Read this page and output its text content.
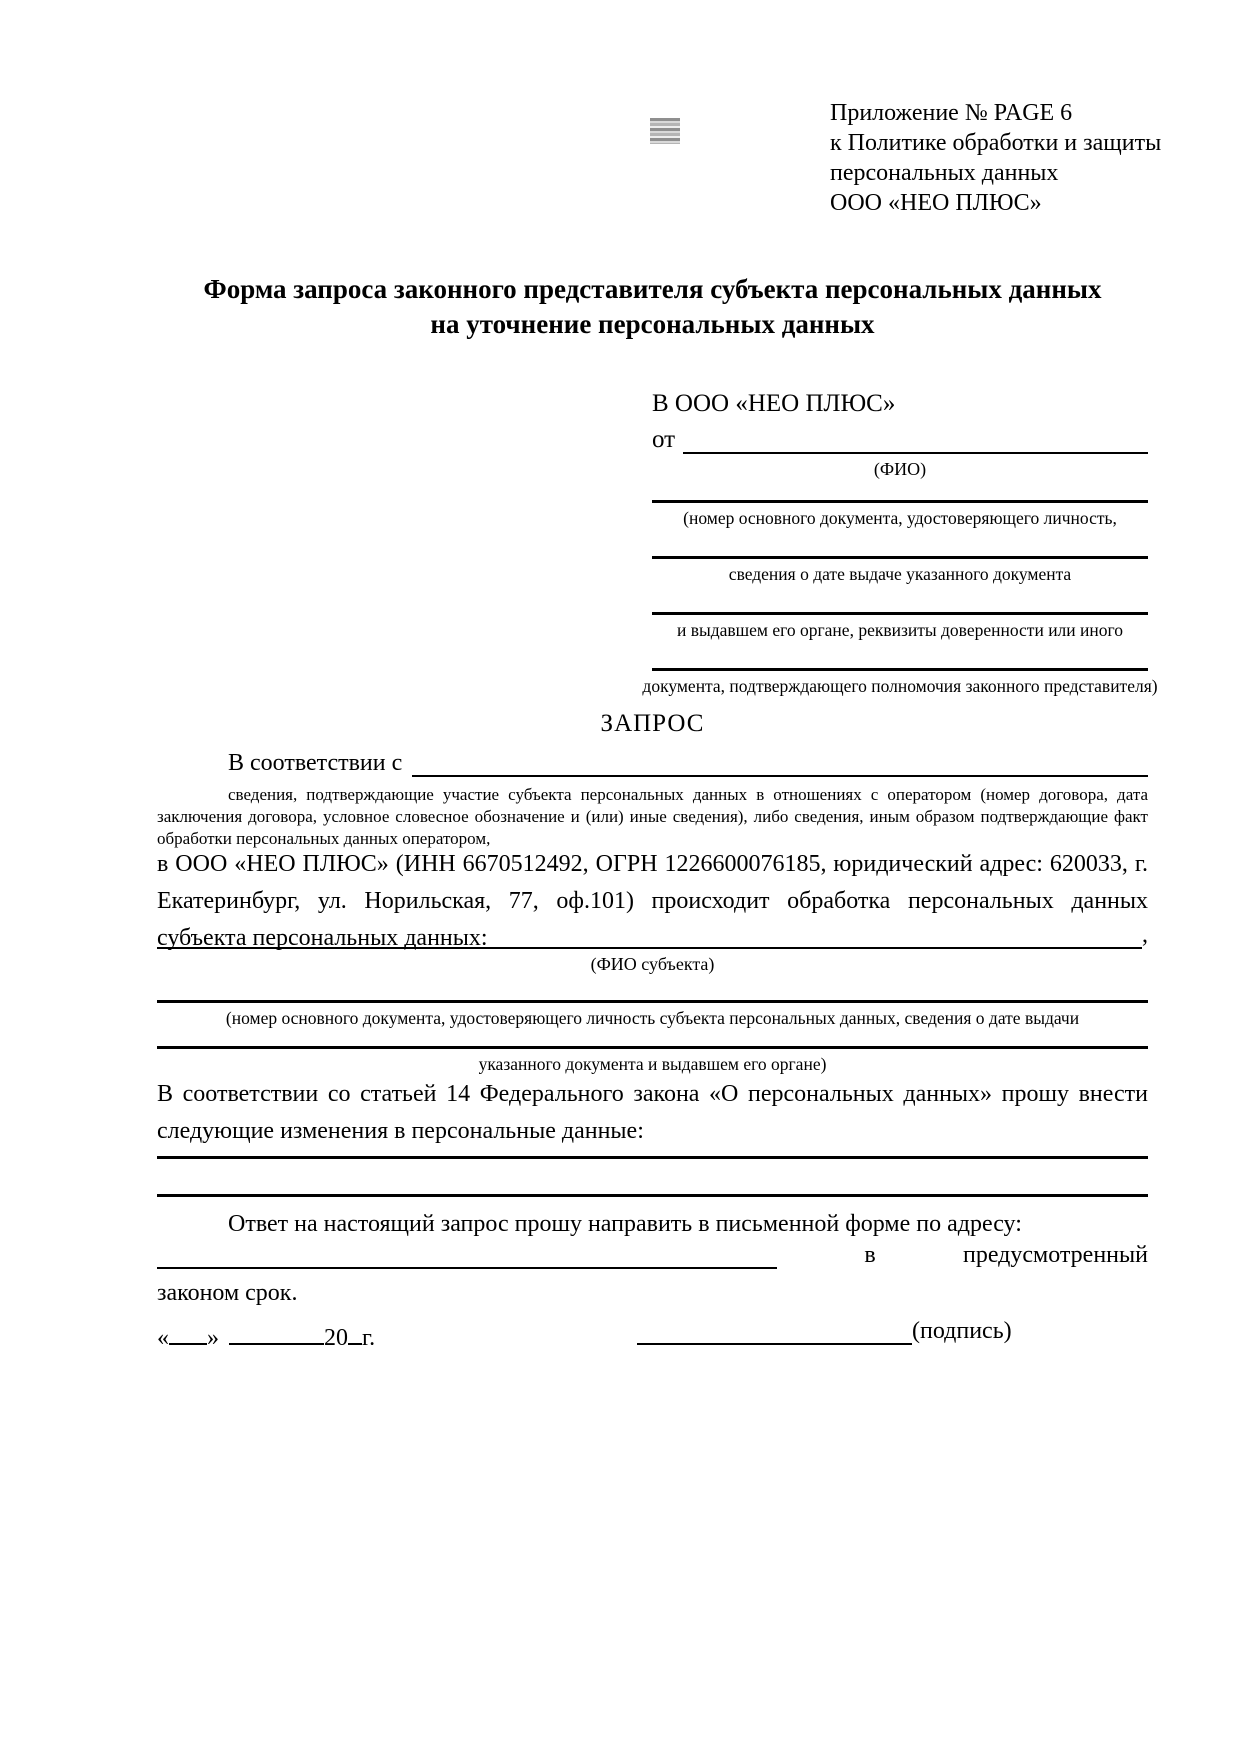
Приложение № PAGE 6
к Политике обработки и защиты
персональных данных
ООО «НЕО ПЛЮС»
Форма запроса законного представителя субъекта персональных данных
на уточнение персональных данных
В ООО «НЕО ПЛЮС»
от
(ФИО)
(номер основного документа, удостоверяющего личность,
сведения о дате выдаче указанного документа
и выдавшем его органе, реквизиты доверенности или иного
документа, подтверждающего полномочия законного представителя)
ЗАПРОС
В соответствии с
сведения, подтверждающие участие субъекта персональных данных в отношениях с оператором (номер договора, дата заключения договора, условное словесное обозначение и (или) иные сведения), либо сведения, иным образом подтверждающие факт обработки персональных данных оператором,
в ООО «НЕО ПЛЮС» (ИНН 6670512492, ОГРН 1226600076185, юридический адрес: 620033, г. Екатеринбург, ул. Норильская, 77, оф.101) происходит обработка персональных данных субъекта персональных данных:	,
(ФИО субъекта)
(номер основного документа, удостоверяющего личность субъекта персональных данных, сведения о дате выдачи
указанного документа и выдавшем его органе)
В соответствии со статьей 14 Федерального закона «О персональных данных» прошу внести следующие изменения в персональные данные:
Ответ на настоящий запрос прошу направить в письменной форме по адресу:
в	предусмотренный
законом срок.
« »	20 г.	(подпись)
